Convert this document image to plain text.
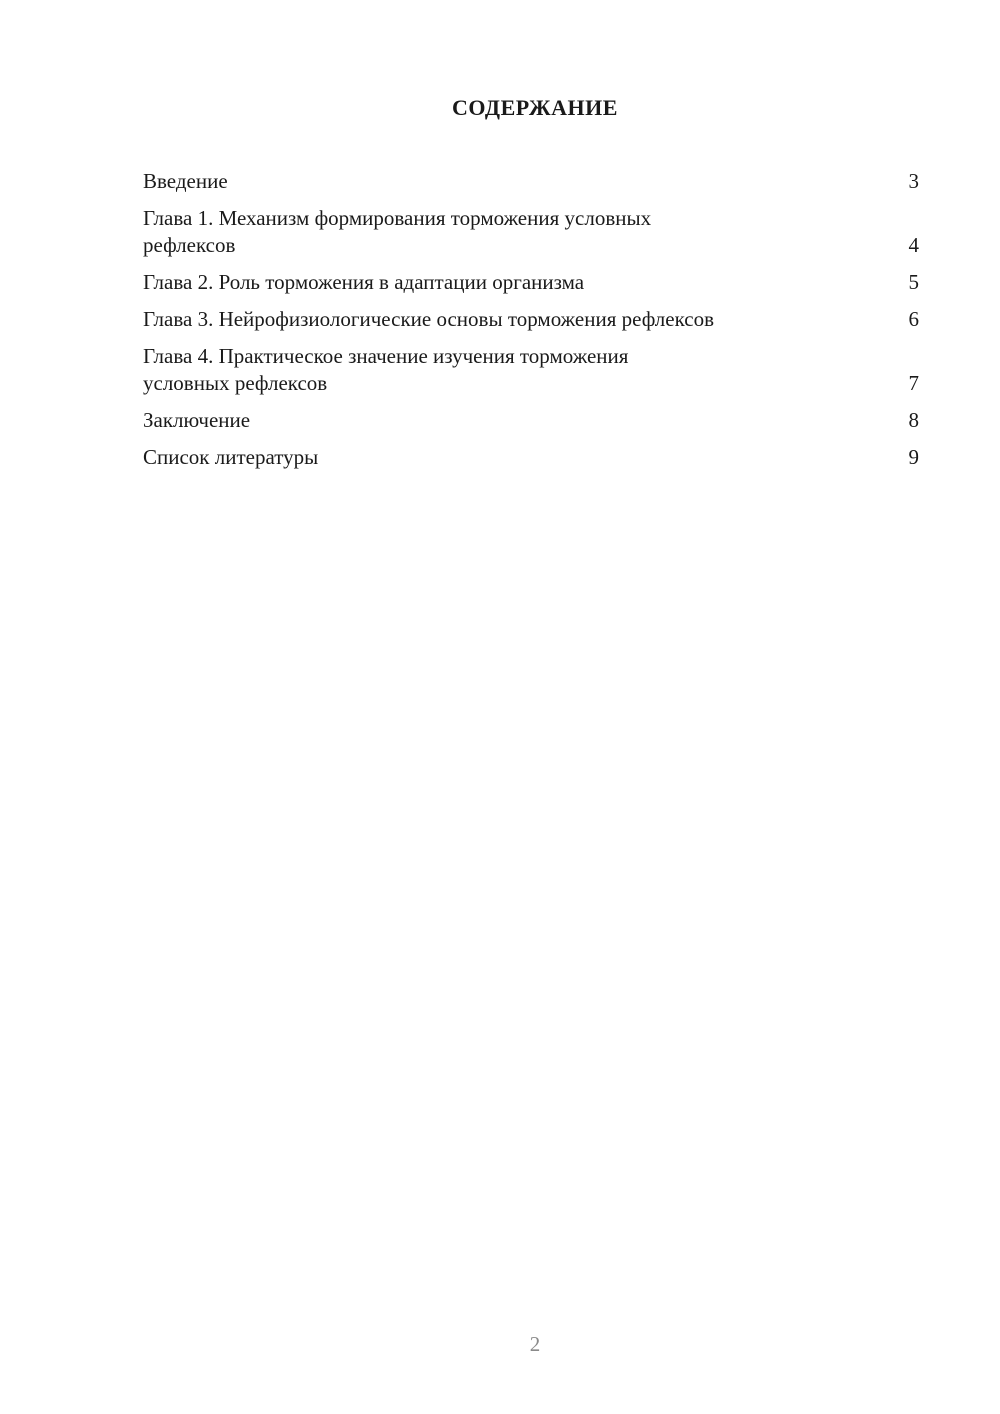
СОДЕРЖАНИЕ
Введение	3
Глава 1. Механизм формирования торможения условных
рефлексов	4
Глава 2. Роль торможения в адаптации организма	5
Глава 3. Нейрофизиологические основы торможения рефлексов	6
Глава 4. Практическое значение изучения торможения
условных рефлексов	7
Заключение	8
Список литературы	9
2
